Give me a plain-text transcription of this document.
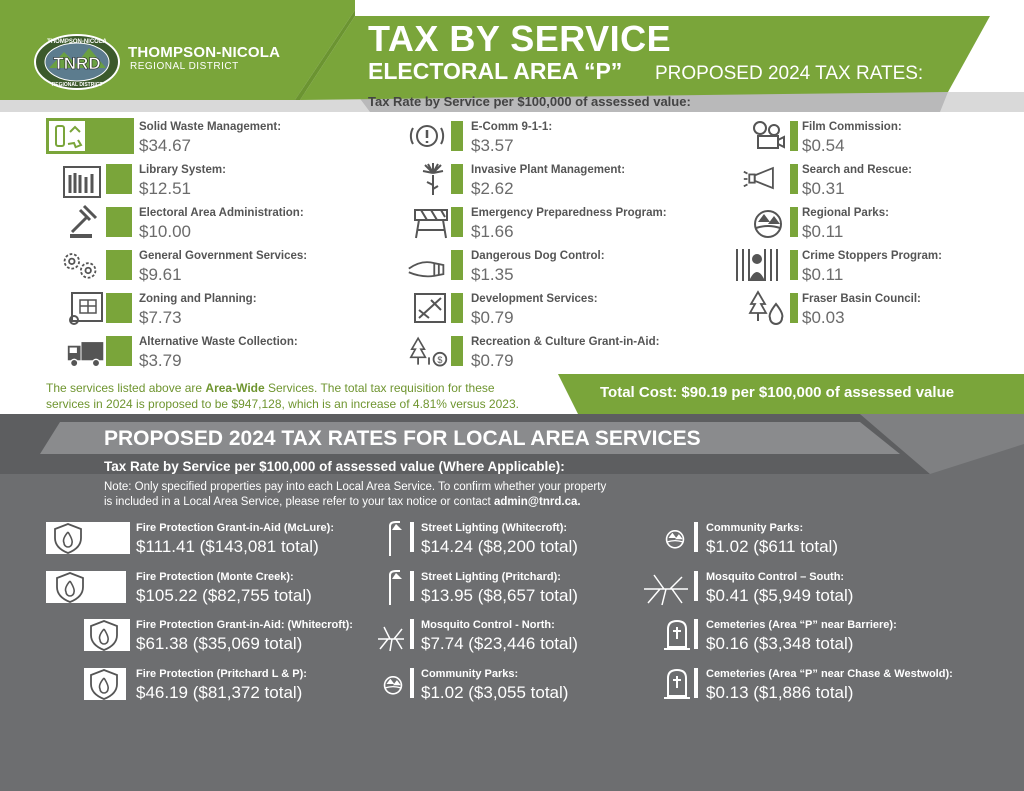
TNRD
THOMPSON-NICOLA
REGIONAL DISTRICT
THOMPSON-NICOLA
REGIONAL DISTRICT
TAX BY SERVICE
ELECTORAL AREA “P” PROPOSED 2024 TAX RATES:
Tax Rate by Service per $100,000 of assessed value:
Solid Waste Management:
$34.67
Library System:
$12.51
Electoral Area Administration:
$10.00
General Government Services:
$9.61
Zoning and Planning:
$7.73
Alternative Waste Collection:
$3.79
E-Comm 9-1-1:
$3.57
Invasive Plant Management:
$2.62
Emergency Preparedness Program:
$1.66
Dangerous Dog Control:
$1.35
Development Services:
$0.79
$
Recreation & Culture Grant-in-Aid:
$0.79
Film Commission:
$0.54
Search and Rescue:
$0.31
Regional Parks:
$0.11
Crime Stoppers Program:
$0.11
Fraser Basin Council:
$0.03
The services listed above are Area-Wide Services. The total tax requisition for these
services in 2024 is proposed to be $947,128, which is an increase of 4.81% versus 2023.
Total Cost: $90.19 per $100,000 of assessed value
PROPOSED 2024 TAX RATES FOR LOCAL AREA SERVICES
Tax Rate by Service per $100,000 of assessed value (Where Applicable):
Note: Only specified properties pay into each Local Area Service. To confirm whether your property
is included in a Local Area Service, please refer to your tax notice or contact admin@tnrd.ca.
Fire Protection Grant-in-Aid (McLure):
$111.41 ($143,081 total)
Fire Protection (Monte Creek):
$105.22 ($82,755 total)
Fire Protection Grant-in-Aid: (Whitecroft):
$61.38 ($35,069 total)
Fire Protection (Pritchard L & P):
$46.19 ($81,372 total)
Street Lighting (Whitecroft):
$14.24 ($8,200 total)
Street Lighting (Pritchard):
$13.95 ($8,657 total)
Mosquito Control - North:
$7.74 ($23,446 total)
Community Parks:
$1.02 ($3,055 total)
Community Parks:
$1.02 ($611 total)
Mosquito Control – South:
$0.41 ($5,949 total)
Cemeteries (Area “P” near Barriere):
$0.16 ($3,348 total)
Cemeteries (Area “P” near Chase & Westwold):
$0.13 ($1,886 total)
